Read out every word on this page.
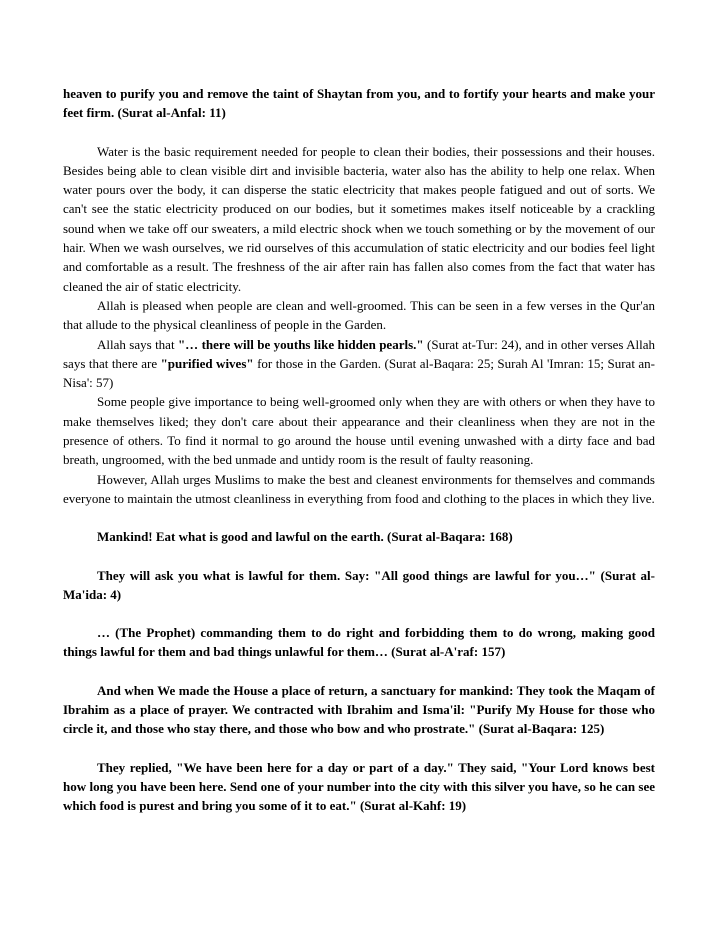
heaven to purify you and remove the taint of Shaytan from you, and to fortify your hearts and make your feet firm. (Surat al-Anfal: 11)

Water is the basic requirement needed for people to clean their bodies, their possessions and their houses. Besides being able to clean visible dirt and invisible bacteria, water also has the ability to help one relax. When water pours over the body, it can disperse the static electricity that makes people fatigued and out of sorts. We can't see the static electricity produced on our bodies, but it sometimes makes itself noticeable by a crackling sound when we take off our sweaters, a mild electric shock when we touch something or by the movement of our hair. When we wash ourselves, we rid ourselves of this accumulation of static electricity and our bodies feel light and comfortable as a result. The freshness of the air after rain has fallen also comes from the fact that water has cleaned the air of static electricity.

Allah is pleased when people are clean and well-groomed. This can be seen in a few verses in the Qur'an that allude to the physical cleanliness of people in the Garden.

Allah says that "… there will be youths like hidden pearls." (Surat at-Tur: 24), and in other verses Allah says that there are "purified wives" for those in the Garden. (Surat al-Baqara: 25; Surah Al 'Imran: 15; Surat an-Nisa': 57)

Some people give importance to being well-groomed only when they are with others or when they have to make themselves liked; they don't care about their appearance and their cleanliness when they are not in the presence of others. To find it normal to go around the house until evening unwashed with a dirty face and bad breath, ungroomed, with the bed unmade and untidy room is the result of faulty reasoning.

However, Allah urges Muslims to make the best and cleanest environments for themselves and commands everyone to maintain the utmost cleanliness in everything from food and clothing to the places in which they live.

Mankind! Eat what is good and lawful on the earth. (Surat al-Baqara: 168)

They will ask you what is lawful for them. Say: "All good things are lawful for you…" (Surat al-Ma'ida: 4)

… (The Prophet) commanding them to do right and forbidding them to do wrong, making good things lawful for them and bad things unlawful for them… (Surat al-A'raf: 157)

And when We made the House a place of return, a sanctuary for mankind: They took the Maqam of Ibrahim as a place of prayer. We contracted with Ibrahim and Isma'il: "Purify My House for those who circle it, and those who stay there, and those who bow and who prostrate." (Surat al-Baqara: 125)

They replied, "We have been here for a day or part of a day." They said, "Your Lord knows best how long you have been here. Send one of your number into the city with this silver you have, so he can see which food is purest and bring you some of it to eat." (Surat al-Kahf: 19)
